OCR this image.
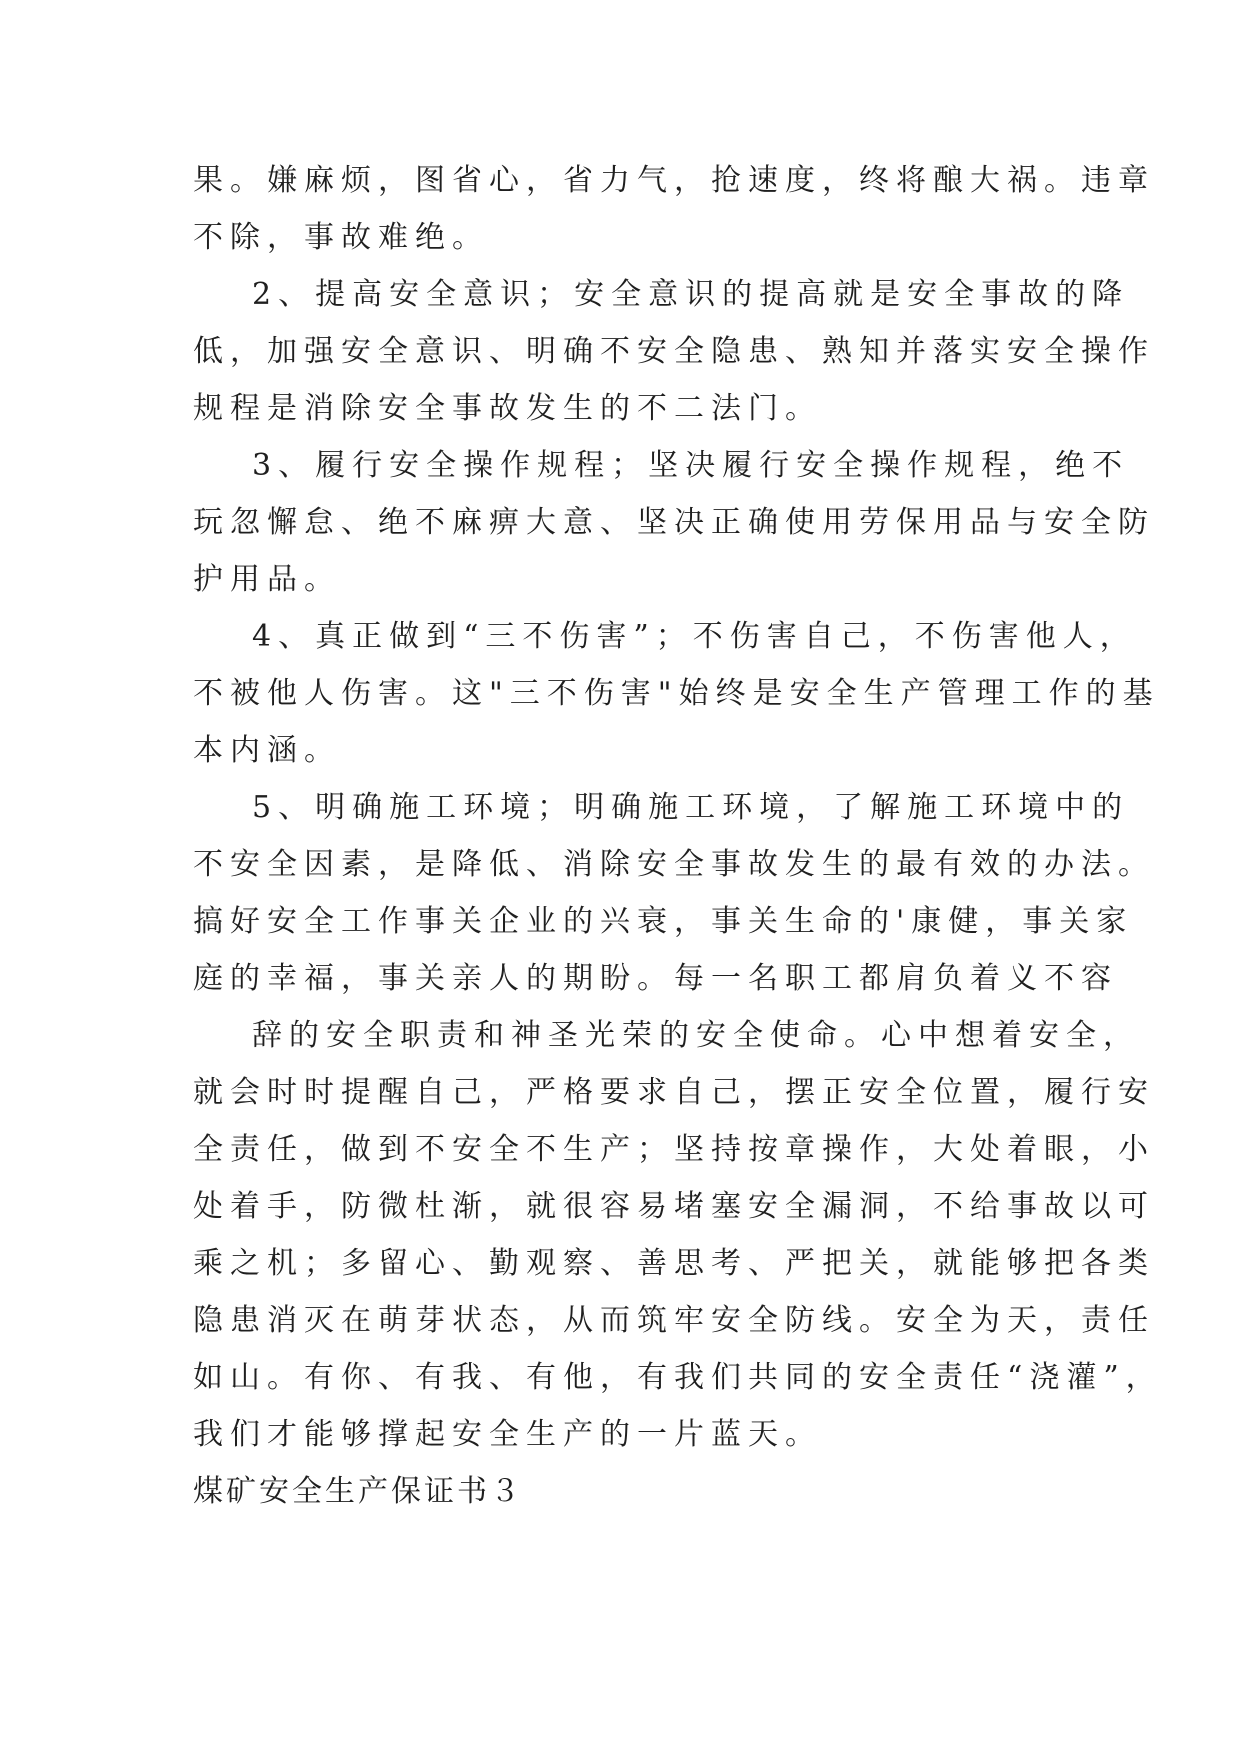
果。嫌麻烦，图省心，省力气，抢速度，终将酿大祸。违章

不除，事故难绝。

2、提高安全意识；安全意识的提高就是安全事故的降

低，加强安全意识、明确不安全隐患、熟知并落实安全操作

规程是消除安全事故发生的不二法门。

3、履行安全操作规程；坚决履行安全操作规程，绝不

玩忽懈怠、绝不麻痹大意、坚决正确使用劳保用品与安全防

护用品。

4、真正做到“三不伤害”；不伤害自己，不伤害他人，

不被他人伤害。这"三不伤害"始终是安全生产管理工作的基

本内涵。

5、明确施工环境；明确施工环境，了解施工环境中的

不安全因素，是降低、消除安全事故发生的最有效的办法。

搞好安全工作事关企业的兴衰，事关生命的'康健，事关家

庭的幸福，事关亲人的期盼。每一名职工都肩负着义不容

辞的安全职责和神圣光荣的安全使命。心中想着安全，

就会时时提醒自己，严格要求自己，摆正安全位置，履行安

全责任，做到不安全不生产；坚持按章操作，大处着眼，小

处着手，防微杜渐，就很容易堵塞安全漏洞，不给事故以可

乘之机；多留心、勤观察、善思考、严把关，就能够把各类

隐患消灭在萌芽状态，从而筑牢安全防线。安全为天，责任

如山。有你、有我、有他，有我们共同的安全责任“浇灌”，

我们才能够撑起安全生产的一片蓝天。

煤矿安全生产保证书３
